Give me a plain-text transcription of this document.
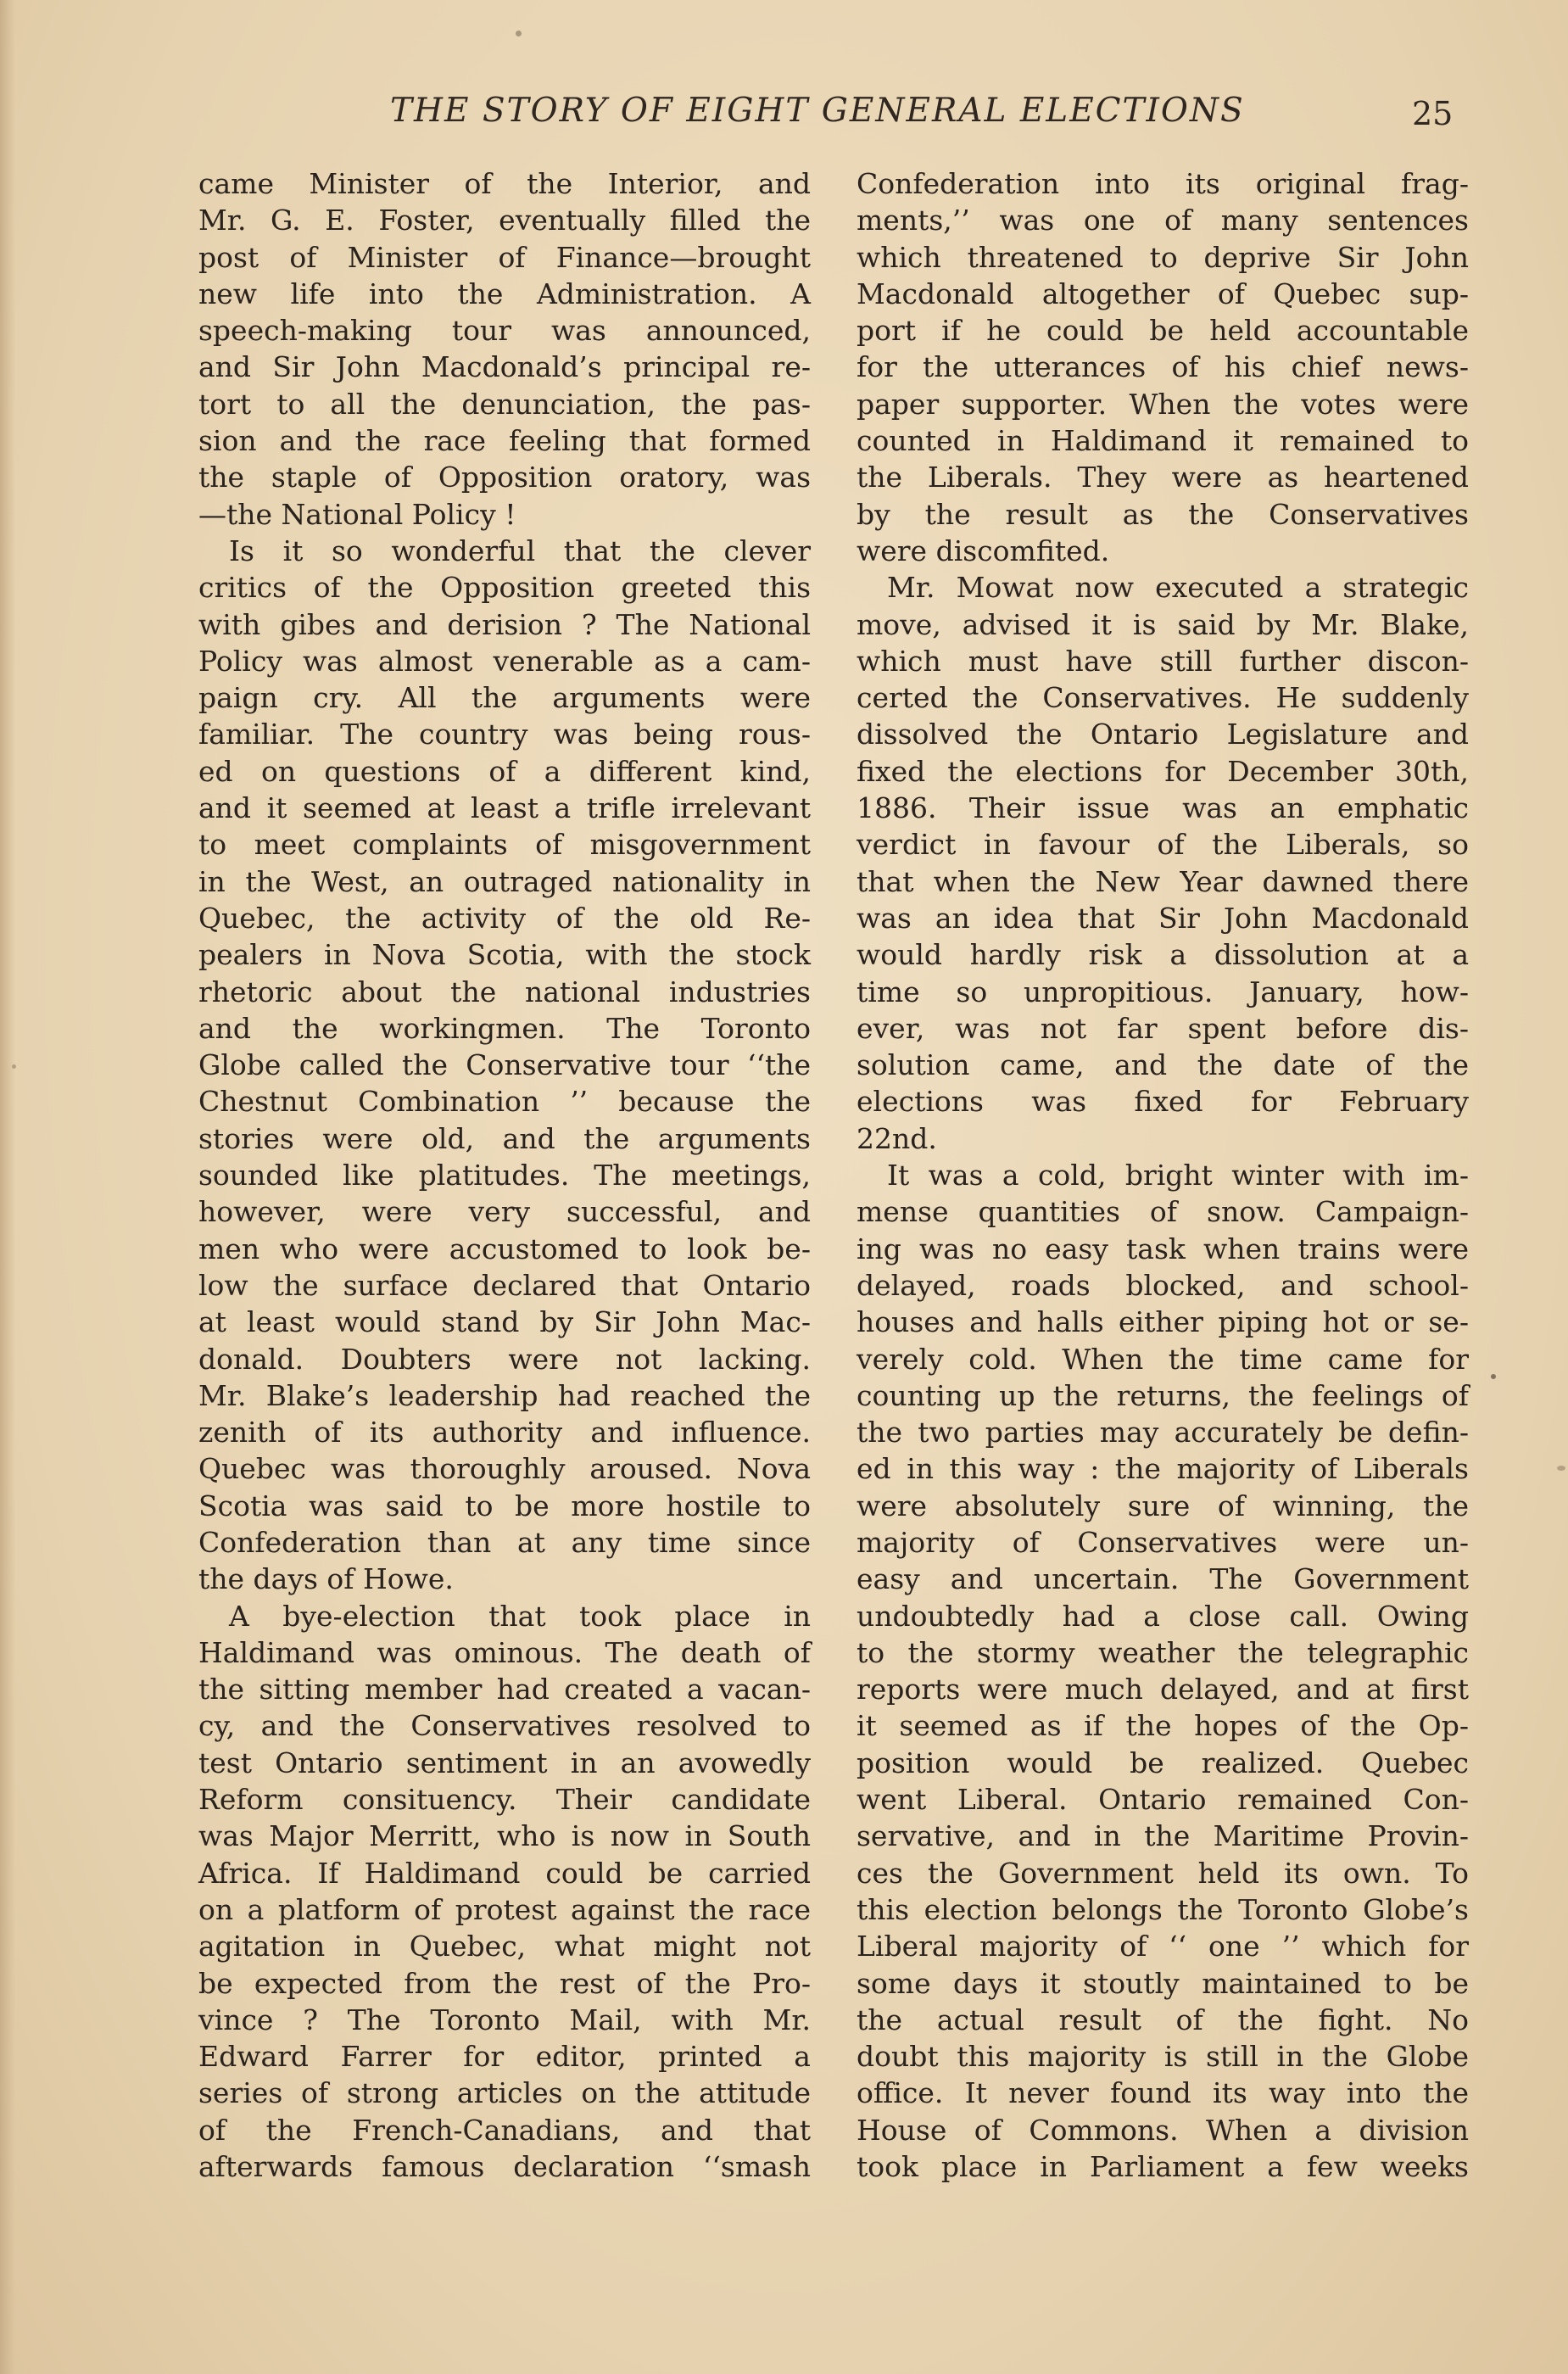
THE STORY OF EIGHT GENERAL ELECTIONS	25
came Minister of the Interior, and
Mr. G. E. Foster, eventually filled the
post of Minister of Finance—brought
new life into the Administration. A
speech-making tour was announced,
and Sir John Macdonald’s principal re-
tort to all the denunciation, the pas-
sion and the race feeling that formed
the staple of Opposition oratory, was
—the National Policy !
Is it so wonderful that the clever
critics of the Opposition greeted this
with gibes and derision ? The National
Policy was almost venerable as a cam-
paign cry. All the arguments were
familiar. The country was being rous-
ed on questions of a different kind,
and it seemed at least a trifle irrelevant
to meet complaints of misgovernment
in the West, an outraged nationality in
Quebec, the activity of the old Re-
pealers in Nova Scotia, with the stock
rhetoric about the national industries
and the workingmen. The Toronto
Globe called the Conservative tour ‘‘the
Chestnut Combination ’’ because the
stories were old, and the arguments
sounded like platitudes. The meetings,
however, were very successful, and
men who were accustomed to look be-
low the surface declared that Ontario
at least would stand by Sir John Mac-
donald. Doubters were not lacking.
Mr. Blake’s leadership had reached the
zenith of its authority and influence.
Quebec was thoroughly aroused. Nova
Scotia was said to be more hostile to
Confederation than at any time since
the days of Howe.
A bye-election that took place in
Haldimand was ominous. The death of
the sitting member had created a vacan-
cy, and the Conservatives resolved to
test Ontario sentiment in an avowedly
Reform consituency. Their candidate
was Major Merritt, who is now in South
Africa. If Haldimand could be carried
on a platform of protest against the race
agitation in Quebec, what might not
be expected from the rest of the Pro-
vince ? The Toronto Mail, with Mr.
Edward Farrer for editor, printed a
series of strong articles on the attitude
of the French-Canadians, and that
afterwards famous declaration ‘‘smash
Confederation into its original frag-
ments,’’ was one of many sentences
which threatened to deprive Sir John
Macdonald altogether of Quebec sup-
port if he could be held accountable
for the utterances of his chief news-
paper supporter. When the votes were
counted in Haldimand it remained to
the Liberals. They were as heartened
by the result as the Conservatives
were discomfited.
Mr. Mowat now executed a strategic
move, advised it is said by Mr. Blake,
which must have still further discon-
certed the Conservatives. He suddenly
dissolved the Ontario Legislature and
fixed the elections for December 30th,
1886. Their issue was an emphatic
verdict in favour of the Liberals, so
that when the New Year dawned there
was an idea that Sir John Macdonald
would hardly risk a dissolution at a
time so unpropitious. January, how-
ever, was not far spent before dis-
solution came, and the date of the
elections was fixed for February
22nd.
It was a cold, bright winter with im-
mense quantities of snow. Campaign-
ing was no easy task when trains were
delayed, roads blocked, and school-
houses and halls either piping hot or se-
verely cold. When the time came for
counting up the returns, the feelings of
the two parties may accurately be defin-
ed in this way : the majority of Liberals
were absolutely sure of winning, the
majority of Conservatives were un-
easy and uncertain. The Government
undoubtedly had a close call. Owing
to the stormy weather the telegraphic
reports were much delayed, and at first
it seemed as if the hopes of the Op-
position would be realized. Quebec
went Liberal. Ontario remained Con-
servative, and in the Maritime Provin-
ces the Government held its own. To
this election belongs the Toronto Globe’s
Liberal majority of ‘‘ one ’’ which for
some days it stoutly maintained to be
the actual result of the fight. No
doubt this majority is still in the Globe
office. It never found its way into the
House of Commons. When a division
took place in Parliament a few weeks
